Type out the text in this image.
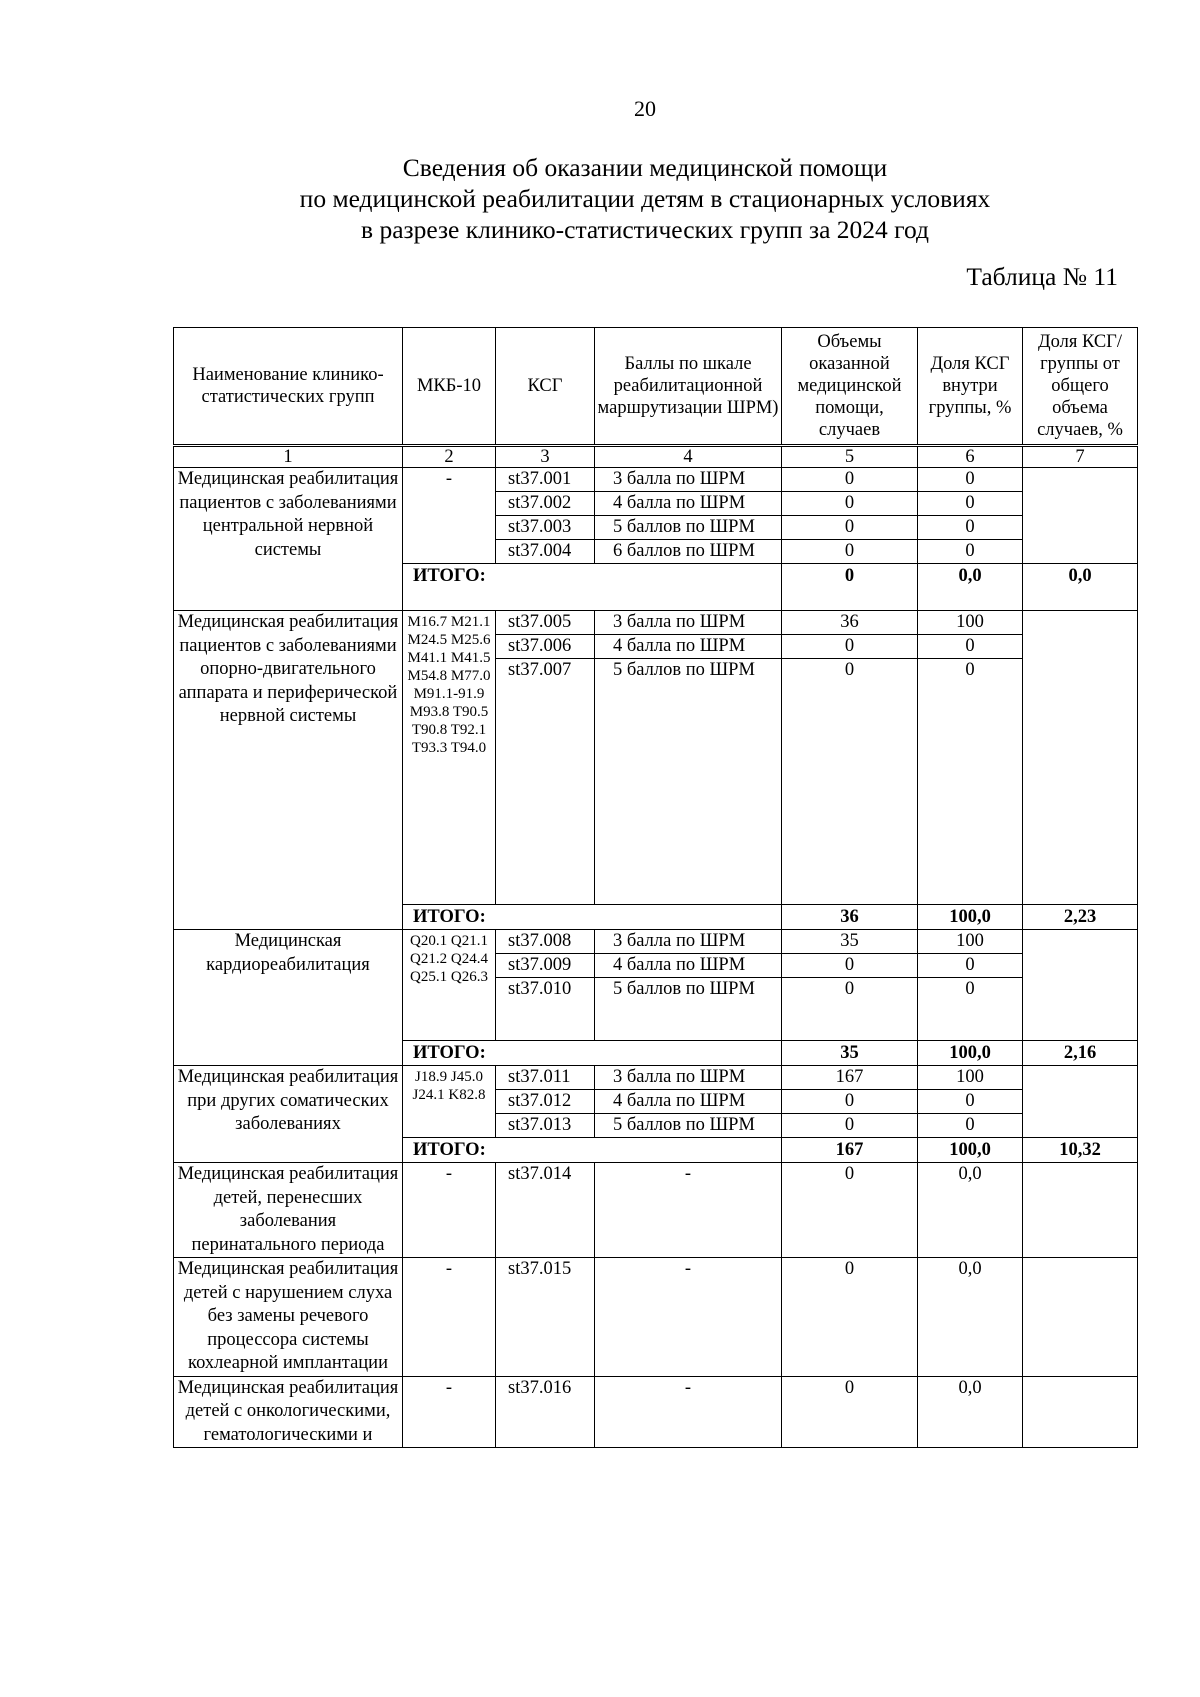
20
Сведения об оказании медицинской помощи
по медицинской реабилитации детям в стационарных условиях
в разрезе клинико-статистических групп за 2024 год
Таблица № 11
Наименование клинико-статистических групп	МКБ-10	КСГ	Баллы по шкале реабилитационной маршрутизации ШРМ)	Объемы оказанной медицинской помощи, случаев	Доля КСГ внутри группы, %	Доля КСГ/ группы от общего объема случаев, %
1	2	3	4	5	6	7
Медицинская реабилитация пациентов с заболеваниями центральной нервной системы	-	st37.001	3 балла по ШРМ	0	0	
		st37.002	4 балла по ШРМ	0	0	
		st37.003	5 баллов по ШРМ	0	0	
		st37.004	6 баллов по ШРМ	0	0	
	ИТОГО:			0	0,0	0,0
Медицинская реабилитация пациентов с заболеваниями опорно-двигательного аппарата и периферической нервной системы	M16.7 M21.1 M24.5 M25.6 M41.1 M41.5 M54.8 M77.0 M91.1-91.9 M93.8 T90.5 T90.8 T92.1 T93.3 T94.0	st37.005	3 балла по ШРМ	36	100	
		st37.006	4 балла по ШРМ	0	0	
		st37.007	5 баллов по ШРМ	0	0	
	ИТОГО:			36	100,0	2,23
Медицинская кардиореабилитация	Q20.1 Q21.1 Q21.2 Q24.4 Q25.1 Q26.3	st37.008	3 балла по ШРМ	35	100	
		st37.009	4 балла по ШРМ	0	0	
		st37.010	5 баллов по ШРМ	0	0	
	ИТОГО:			35	100,0	2,16
Медицинская реабилитация при других соматических заболеваниях	J18.9 J45.0 J24.1 K82.8	st37.011	3 балла по ШРМ	167	100	
		st37.012	4 балла по ШРМ	0	0	
		st37.013	5 баллов по ШРМ	0	0	
	ИТОГО:			167	100,0	10,32
Медицинская реабилитация детей, перенесших заболевания перинатального периода	-	st37.014	-	0	0,0	
Медицинская реабилитация детей с нарушением слуха без замены речевого процессора системы кохлеарной имплантации	-	st37.015	-	0	0,0	
Медицинская реабилитация детей с онкологическими, гематологическими и	-	st37.016	-	0	0,0	
